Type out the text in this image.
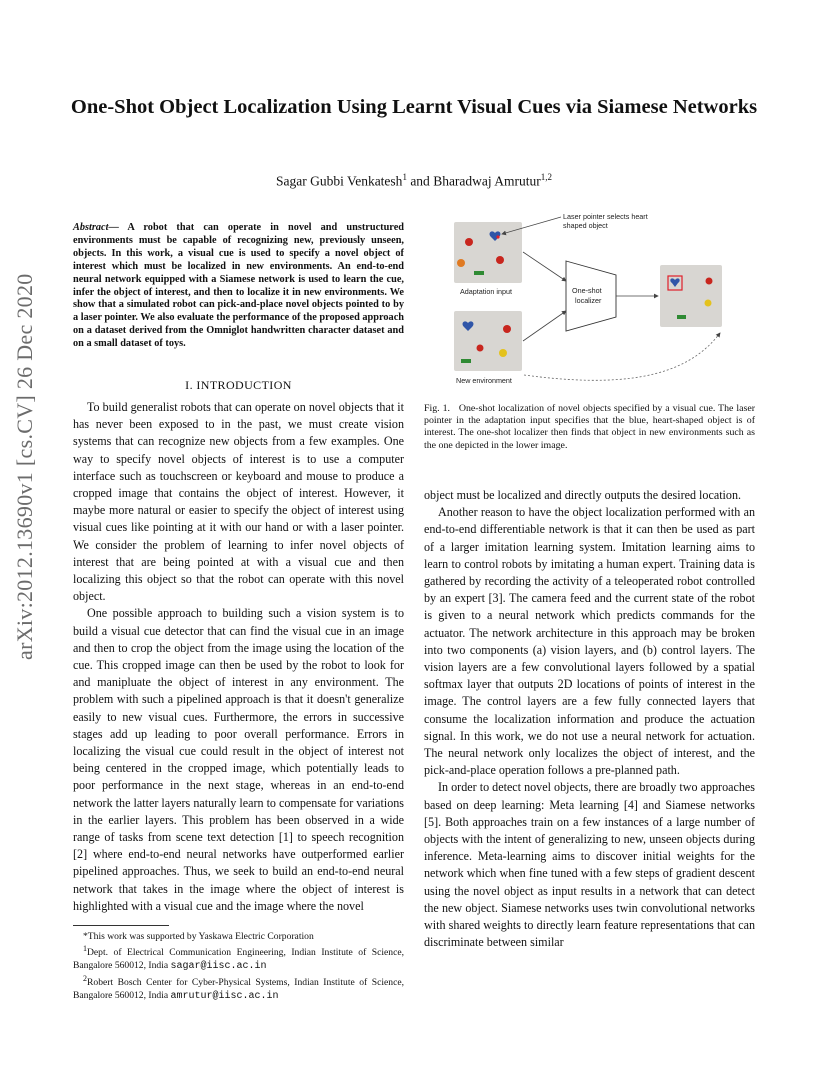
One-Shot Object Localization Using Learnt Visual Cues via Siamese Networks
Sagar Gubbi Venkatesh$^1$ and Bharadwaj Amrutur$^{1,2}$
arXiv:2012.13690v1 [cs.CV] 26 Dec 2020
Abstract— A robot that can operate in novel and unstructured environments must be capable of recognizing new, previously unseen, objects. In this work, a visual cue is used to specify a novel object of interest which must be localized in new environments. An end-to-end neural network equipped with a Siamese network is used to learn the cue, infer the object of interest, and then to localize it in new environments. We show that a simulated robot can pick-and-place novel objects pointed to by a laser pointer. We also evaluate the performance of the proposed approach on a dataset derived from the Omniglot handwritten character dataset and on a small dataset of toys.
I. INTRODUCTION

To build generalist robots that can operate on novel objects that it has never been exposed to in the past, we must create vision systems that can recognize new objects from a few examples. One way to specify novel objects of interest is to use a computer interface such as touchscreen or keyboard and mouse to produce a cropped image that contains the object of interest. However, it maybe more natural or easier to specify the object of interest using visual cues like pointing at it with our hand or with a laser pointer. We consider the problem of learning to infer novel objects of interest that are being pointed at with a visual cue and then localizing this object so that the robot can operate with this novel object.

One possible approach to building such a vision system is to build a visual cue detector that can find the visual cue in an image and then to crop the object from the image using the location of the cue. This cropped image can then be used by the robot to look for and manipluate the object of interest in any environment. The problem with such a pipelined approach is that it doesn't generalize easily to new visual cues. Furthermore, the errors in successive stages add up leading to poor overall performance. Errors in localizing the visual cue could result in the object of interest not being centered in the cropped image, which potentially leads to poor performance in the next stage, whereas in an end-to-end network the latter layers naturally learn to compensate for variations in the earlier layers. This problem has been observed in a wide range of tasks from scene text detection [1] to speech recognition [2] where end-to-end neural networks have outperformed earlier pipelined approaches. Thus, we seek to build an end-to-end neural network that takes in the image where the object of interest is highlighted with a visual cue and the image where the novel

*This work was supported by Yaskawa Electric Corporation

$^1$Dept. of Electrical Communication Engineering, Indian Institute of Science, Bangalore 560012, India sagar@iisc.ac.in

$^2$Robert Bosch Center for Cyber-Physical Systems, Indian Institute of Science, Bangalore 560012, India amrutur@iisc.ac.in

Adaptation input
New environment
Laser pointer selects heart
shaped object
One-shot
localizer
Fig. 1. One-shot localization of novel objects specified by a visual cue. The laser pointer in the adaptation input specifies that the blue, heart-shaped object is of interest. The one-shot localizer then finds that object in new environments such as the one depicted in the lower image.

object must be localized and directly outputs the desired location.

Another reason to have the object localization performed with an end-to-end differentiable network is that it can then be used as part of a larger imitation learning system. Imitation learning aims to learn to control robots by imitating a human expert. Training data is gathered by recording the activity of a teleoperated robot controlled by an expert [3]. The camera feed and the current state of the robot is given to a neural network which predicts commands for the actuator. The network architecture in this approach may be broken into two components (a) vision layers, and (b) control layers. The vision layers are a few convolutional layers followed by a spatial softmax layer that outputs 2D locations of points of interest in the image. The control layers are a few fully connected layers that consume the localization information and produce the actuation signal. In this work, we do not use a neural network for actuation. The neural network only localizes the object of interest, and the pick-and-place operation follows a pre-planned path.

In order to detect novel objects, there are broadly two approaches based on deep learning: Meta learning [4] and Siamese networks [5]. Both approaches train on a few instances of a large number of objects with the intent of generalizing to new, unseen objects during inference. Meta-learning aims to discover initial weights for the network which when fine tuned with a few steps of gradient descent using the novel object as input results in a network that can detect the new object. Siamese networks uses twin convolutional networks with shared weights to directly learn feature representations that can discriminate between similar
